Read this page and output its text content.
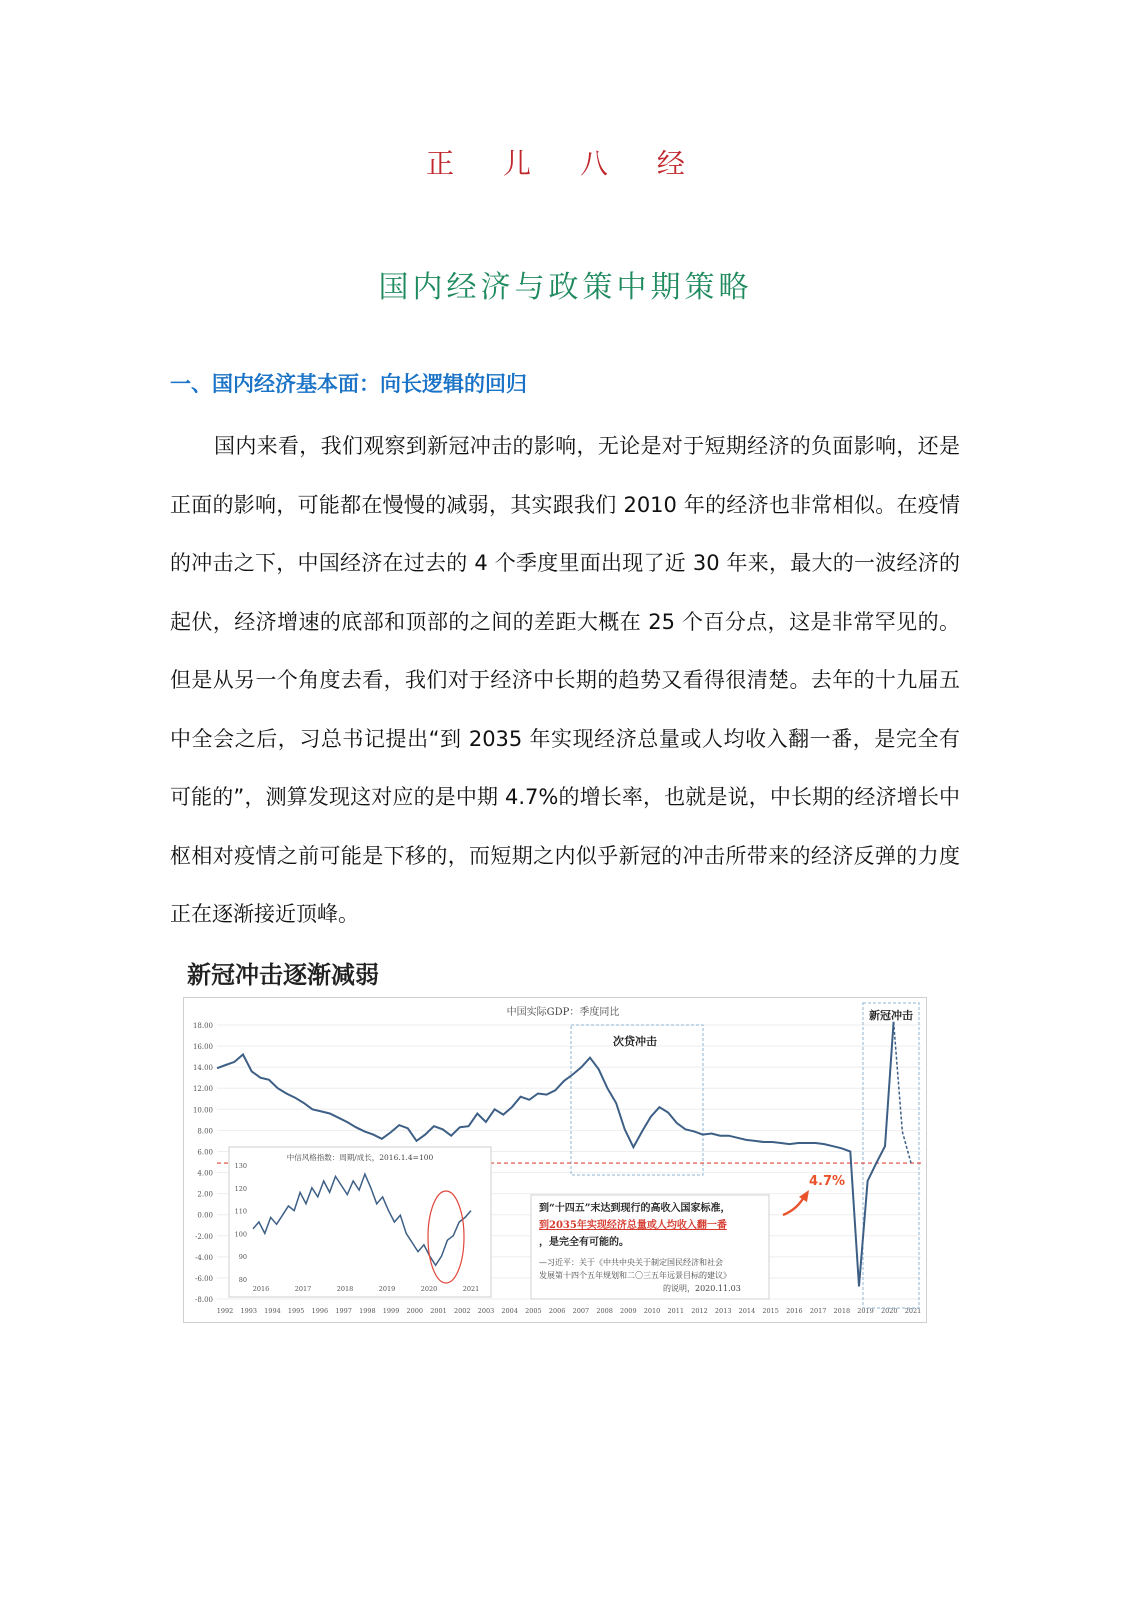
正 儿 八 经
国内经济与政策中期策略
一、国内经济基本面：向长逻辑的回归

国内来看，我们观察到新冠冲击的影响，无论是对于短期经济的负面影响，还是正面的影响，可能都在慢慢的减弱，其实跟我们 2010 年的经济也非常相似。在疫情的冲击之下，中国经济在过去的 4 个季度里面出现了近 30 年来，最大的一波经济的起伏，经济增速的底部和顶部的之间的差距大概在 25 个百分点，这是非常罕见的。但是从另一个角度去看，我们对于经济中长期的趋势又看得很清楚。去年的十九届五中全会之后，习总书记提出“到 2035 年实现经济总量或人均收入翻一番，是完全有可能的”，测算发现这对应的是中期 4.7%的增长率，也就是说，中长期的经济增长中枢相对疫情之前可能是下移的，而短期之内似乎新冠的冲击所带来的经济反弹的力度正在逐渐接近顶峰。

新冠冲击逐渐减弱
中国实际GDP：季度同比
18.00
16.00
14.00
12.00
10.00
8.00
6.00
4.00
2.00
0.00
-2.00
-4.00
-6.00
-8.00
1992 1993 1994 1995 1996 1997 1998 1999 2000 2001 2002 2003 2004 2005 2006 2007 2008 2009 2010 2011 2012 2013 2014 2015 2016 2017 2018 2019 2020 2021
次贷冲击
新冠冲击
4.7%
到“十四五”末达到现行的高收入国家标准， 到2035年实现经济总量或人均收入翻一番 ，是完全有可能的。
—习近平：关于《中共中央关于制定国民经济和社会 发展第十四个五年规划和二〇三五年远景目标的建议》 的说明，2020.11.03
中信风格指数：周期/成长，2016.1.4=100
130
120
110
100
90
80
2016	2017	2018	2019	2020	2021
